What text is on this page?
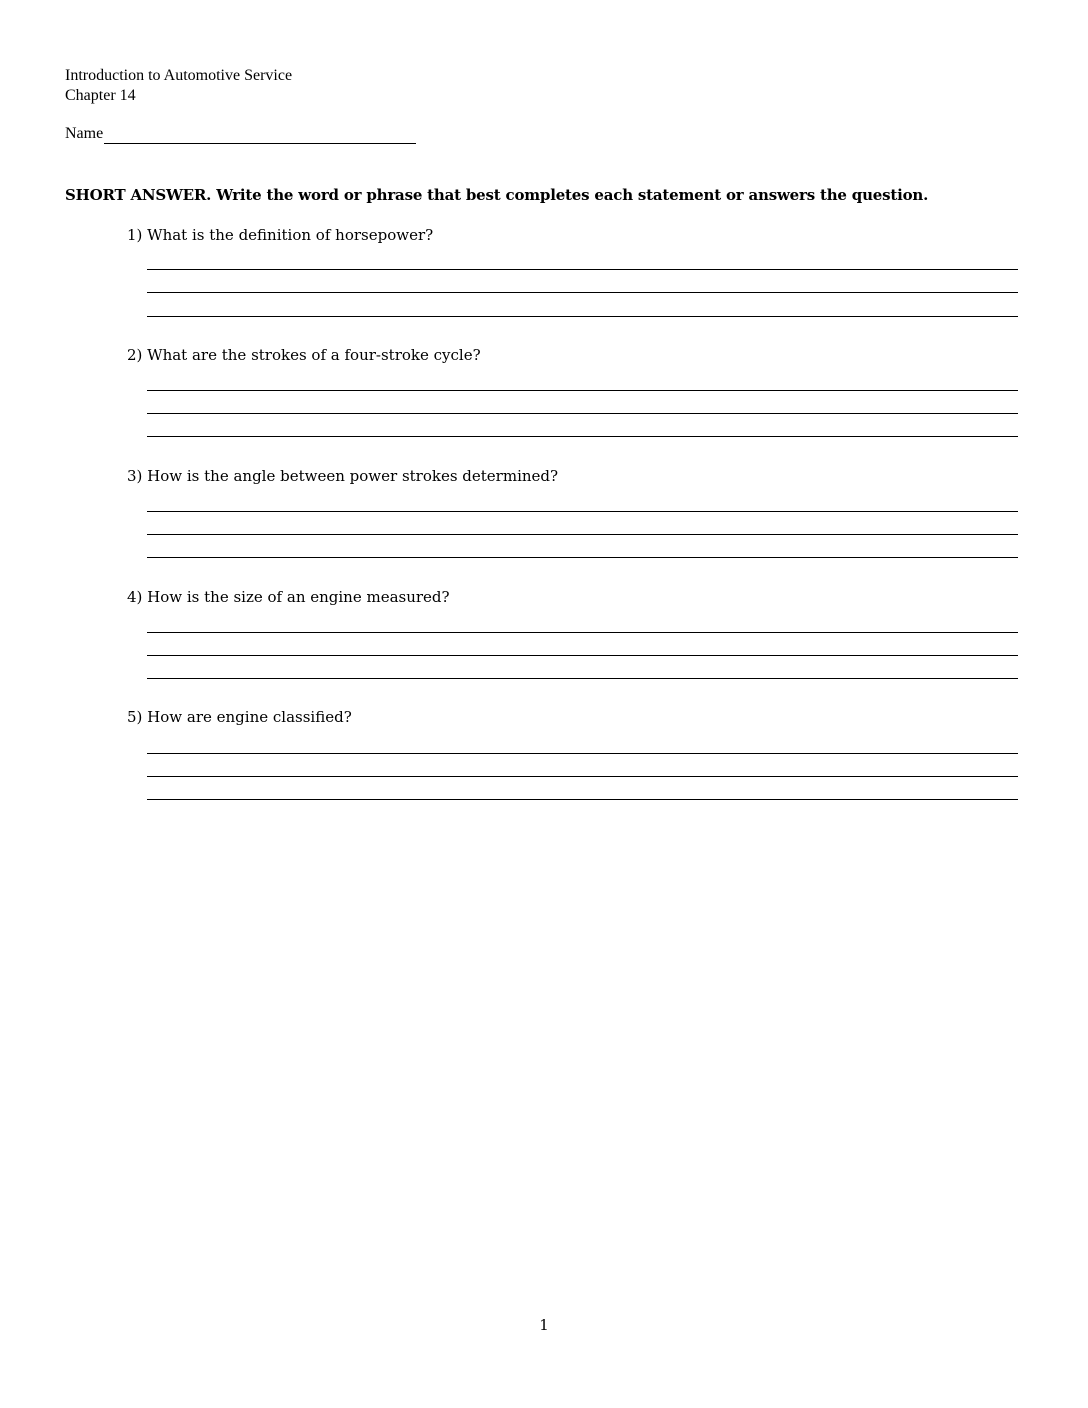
Introduction to Automotive Service
Chapter 14
Name
SHORT ANSWER. Write the word or phrase that best completes each statement or answers the question.
1) What is the definition of horsepower?
2) What are the strokes of a four-stroke cycle?
3) How is the angle between power strokes determined?
4) How is the size of an engine measured?
5) How are engine classified?
1
